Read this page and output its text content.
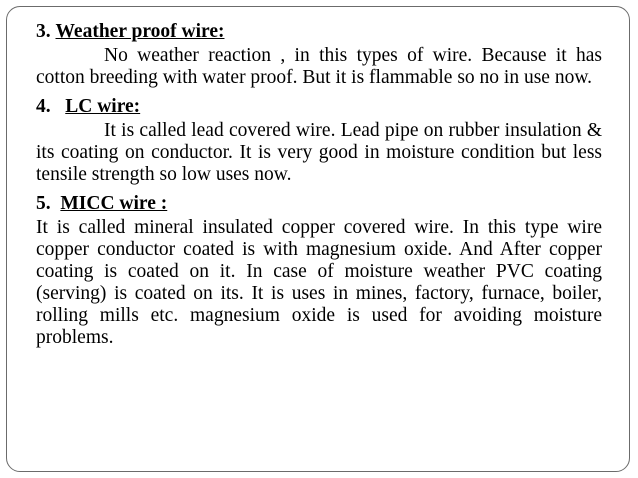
3. Weather proof wire:

No weather reaction , in this types of wire. Because it has cotton breeding with water proof. But it is flammable so no in use now.

4. LC wire:

It is called lead covered wire. Lead pipe on rubber insulation & its coating on conductor. It is very good in moisture condition but less tensile strength so low uses now.

5. MICC wire :

It is called mineral insulated copper covered wire. In this type wire copper conductor coated is with magnesium oxide. And After copper coating is coated on it. In case of moisture weather PVC coating (serving) is coated on its. It is uses in mines, factory, furnace, boiler, rolling mills etc. magnesium oxide is used for avoiding moisture problems.
